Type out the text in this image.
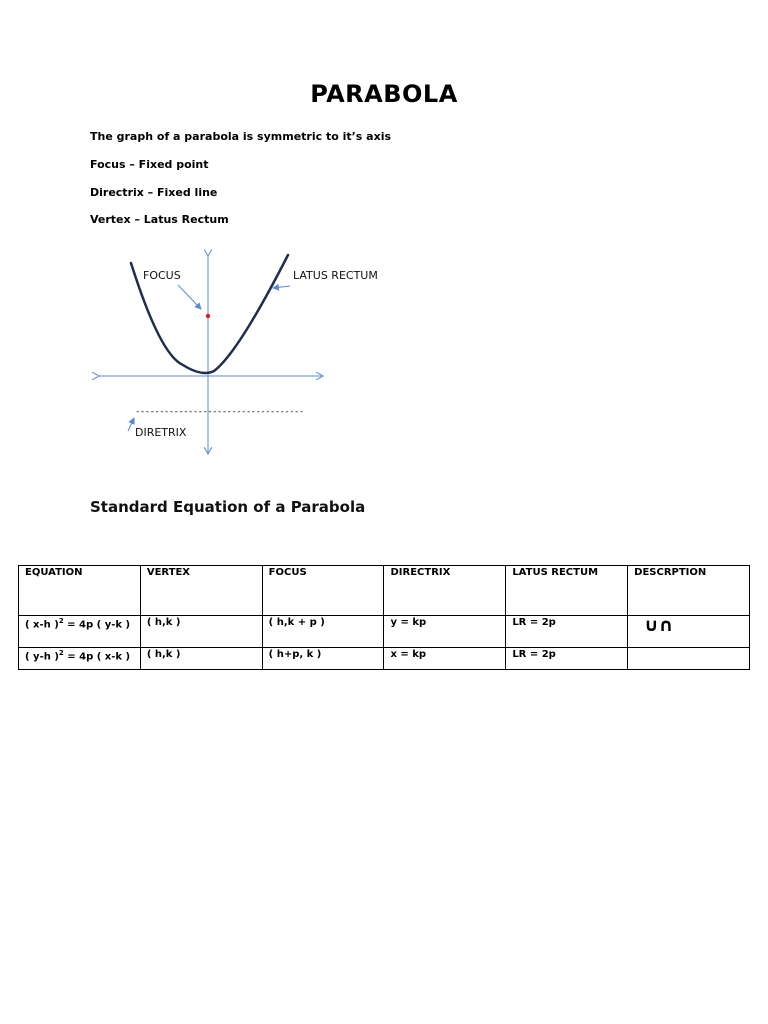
PARABOLA
The graph of a parabola is symmetric to it’s axis
Focus – Fixed point
Directrix – Fixed line
Vertex – Latus Rectum
FOCUS	LATUS RECTUM
-----------------------------------
DIRETRIX
Standard Equation of a Parabola
EQUATION	VERTEX	FOCUS	DIRECTRIX	LATUS RECTUM	DESCRPTION
( x-h )$^2$ = 4p ( y-k )	( h,k )	( h,k + p )	y = kp	LR = 2p	∪∩
( y-h )$^2$ = 4p ( x-k )	( h,k )	( h+p, k )	x = kp	LR = 2p	
